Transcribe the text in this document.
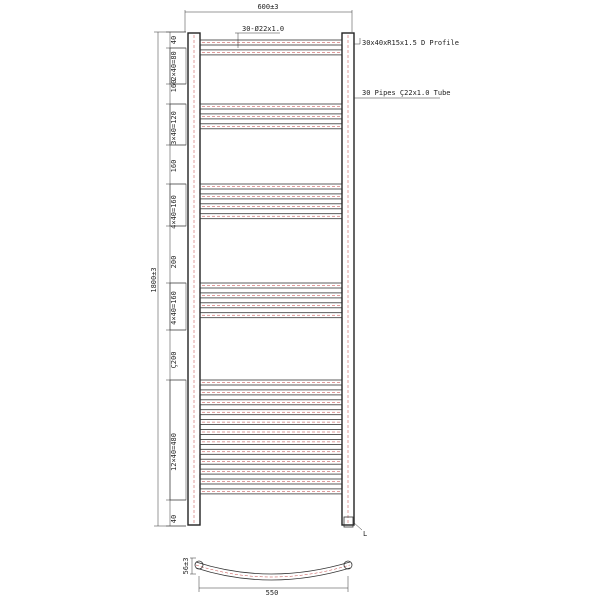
600±3
30-Ø22x1.0
30x40xR15x1.5 D Profile
30 Pipes Ç22x1.0 Tube
L
1800±3
40
2×40=80
160
3×40=120
160
4×40=160
200
4×40=160
Ç200
12×40=480
40
56±3
550
